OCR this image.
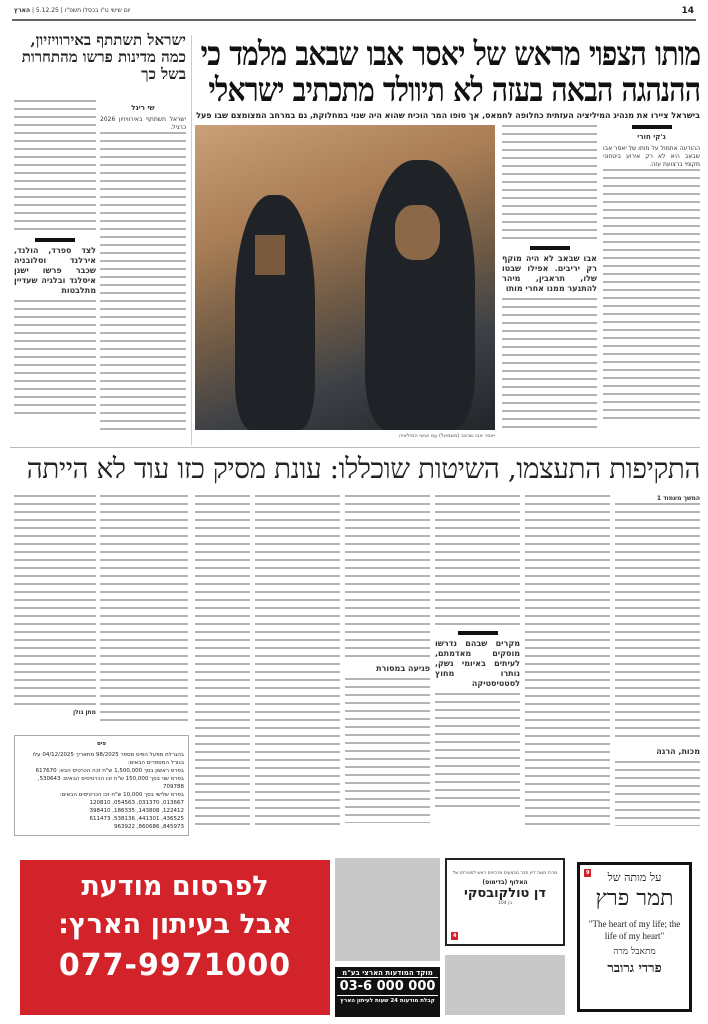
14
יום שישי ט"ו בכסלו תשפ"ו | 5.12.25 | הארץ
ישראל תשתתף באירוויזיון, כמה מדינות פרשו מהתחרות בשל כך
שי ריגל
ישראל תשתתף באירוויזיון 2026 כרגיל.
לצד ספרד, הולנד, אירלנד וסלובניה שכבר פרשו ישנן איסלנד ובלגיה שעדיין מתלבטות
מותו הצפוי מראש של יאסר אבו שבאב מלמד כי ההנהגה הבאה בעזה לא תיוולד מתכתיב ישראלי
בישראל ציירו את מנהיג המיליציה העזתית כחלופה לחמאס, אך סופו המר הוכיח שהוא היה שנוי במחלוקת, גם במרחב המצומצם שבו פעל
יאסר אבו שבאב (משמאל) עם אנשי המיליציה
אבו שבאב לא היה מוקף רק יריבים. אפילו שבטו שלו, תראבין, מיהר להתנער ממנו אחרי מותו
ג'קי חורי
ההודעה אתמול על מותו של יאסר אבו שבאב היא לא רק אירוע ביטחוני מקומי ברצועת עזה.
התקיפות התעצמו, השיטות שוכללו: עונת מסיק כזו עוד לא הייתה
המשך מעמוד 1
מכות, הרגה
מקרים שבהם נדרשו מוסקים מאדמתם, לעיתים באיומי נשק, נותרו מחוץ לסטטיסטיקה
פגיעה במסורת
מתן גולן
פיס
בהגרלת מפעל הפיס מספר 98/2025 מתאריך 04/12/2025 עלו בגורל המספרים הבאים:
בפרס ראשון בסך 1,500,000 ש"ח זכה הכרטיס הבא: 617670
בפרס שני בסך 150,000 ש"ח זכו הכרטיסים הבאים: 530643, 709788
בפרס שלישי בסך 10,000 ש"ח זכו הכרטיסים הבאים:
013667, 031370, 054563, 120810
122412, 143808, 186335, 398410
436525, 441301, 538136, 611473
845973, 860686, 963922
לפרסום מודעת
אבל בעיתון הארץ:
077-9971000	מוקד המודעות הארצי בע"מ
03-6 000 000
קבלת מודעות 24 שעות לעיתון הארץ
מרכז משה דיין חבר מבצעים מרכינים ראש לפטירתו של
האלוף (בדימוס)
דן טולקובסקי
בן 104
4
9	על מותה של
תמר פרץ
"The heart of my life; the life of my heart"
מתאבל מרה
פרדי גרובר
